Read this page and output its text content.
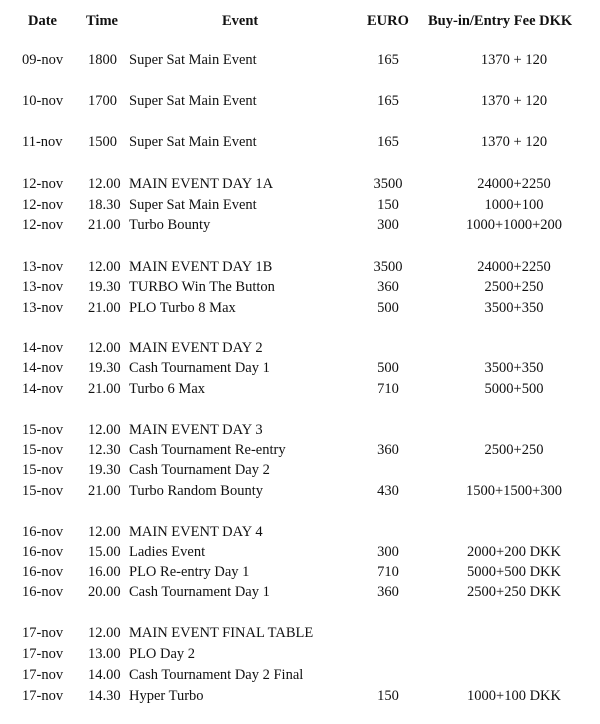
Date Time	Event	EURO Buy-in/Entry Fee DKK
09-nov	1800 Super Sat Main Event	165	1370 + 120
10-nov	1700 Super Sat Main Event	165	1370 + 120
11-nov	1500 Super Sat Main Event	165	1370 + 120
12-nov	12.00 MAIN EVENT DAY 1A	3500	24000+2250
12-nov	18.30 Super Sat Main Event	150	1000+100
12-nov	21.00 Turbo Bounty	300	1000+1000+200
13-nov	12.00 MAIN EVENT DAY 1B	3500	24000+2250
13-nov	19.30 TURBO Win The Button	360	2500+250
13-nov	21.00 PLO Turbo 8 Max	500	3500+350
14-nov	12.00 MAIN EVENT DAY 2
14-nov	19.30 Cash Tournament Day 1	500	3500+350
14-nov	21.00 Turbo 6 Max	710	5000+500
15-nov	12.00 MAIN EVENT DAY 3
15-nov	12.30 Cash Tournament Re-entry	360	2500+250
15-nov	19.30 Cash Tournament Day 2
15-nov	21.00 Turbo Random Bounty	430	1500+1500+300
16-nov	12.00 MAIN EVENT DAY 4
16-nov	15.00 Ladies Event	300	2000+200 DKK
16-nov	16.00 PLO Re-entry Day 1	710	5000+500 DKK
16-nov	20.00 Cash Tournament Day 1	360	2500+250 DKK
17-nov	12.00 MAIN EVENT FINAL TABLE
17-nov	13.00 PLO Day 2
17-nov	14.00 Cash Tournament Day 2 Final
17-nov	14.30 Hyper Turbo	150	1000+100 DKK
